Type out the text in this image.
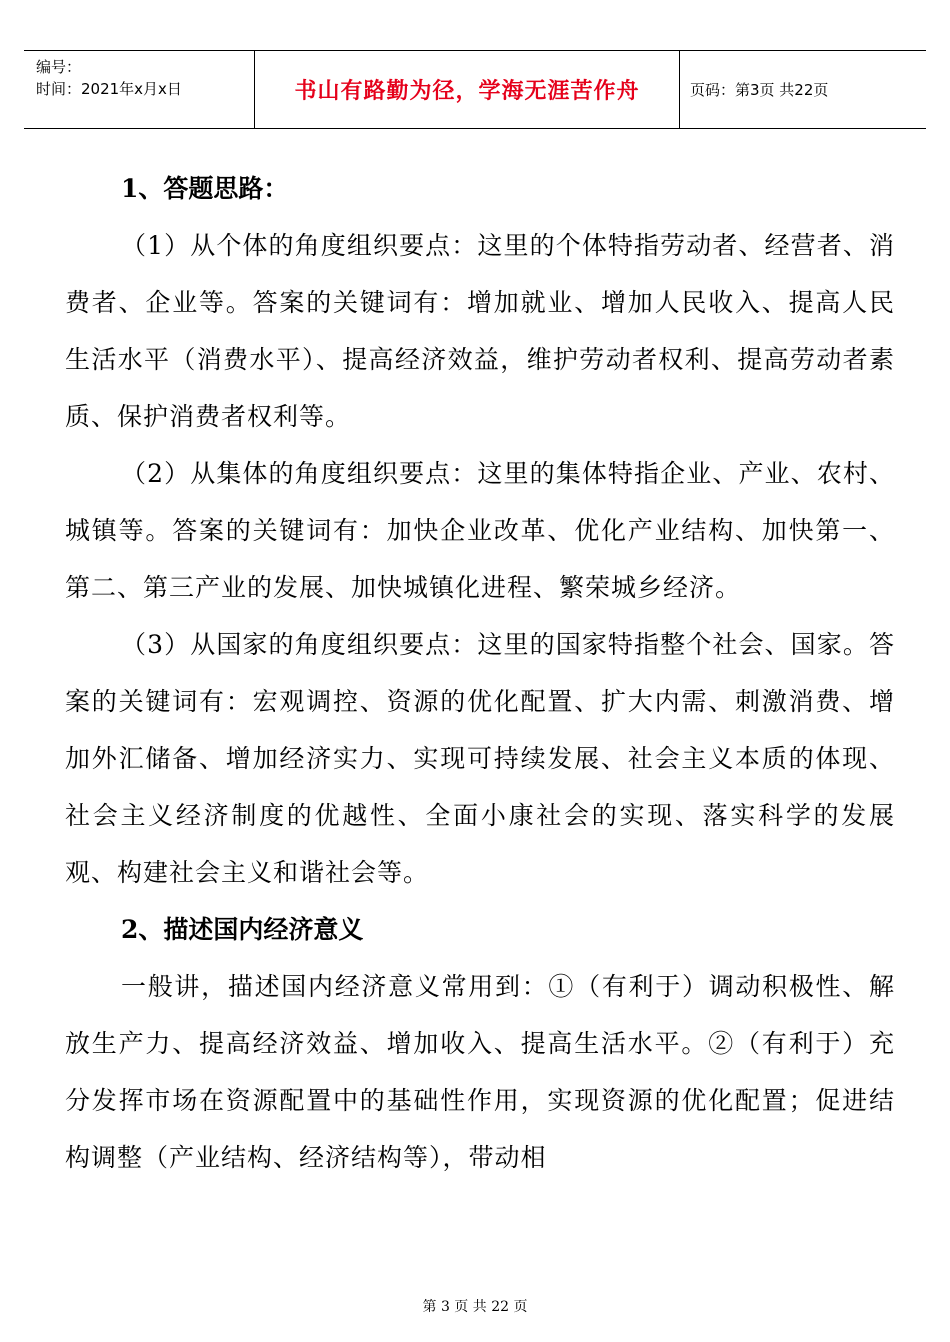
编号：
时间：2021年x月x日	书山有路勤为径，学海无涯苦作舟	页码：第3页 共22页

1、答题思路：

（1）从个体的角度组织要点：这里的个体特指劳动者、经营者、消费者、企业等。答案的关键词有：增加就业、增加人民收入、提高人民生活水平（消费水平）、提高经济效益，维护劳动者权利、提高劳动者素质、保护消费者权利等。

（2）从集体的角度组织要点：这里的集体特指企业、产业、农村、城镇等。答案的关键词有：加快企业改革、优化产业结构、加快第一、第二、第三产业的发展、加快城镇化进程、繁荣城乡经济。

（3）从国家的角度组织要点：这里的国家特指整个社会、国家。答案的关键词有：宏观调控、资源的优化配置、扩大内需、刺激消费、增加外汇储备、增加经济实力、实现可持续发展、社会主义本质的体现、社会主义经济制度的优越性、全面小康社会的实现、落实科学的发展观、构建社会主义和谐社会等。

2、描述国内经济意义

一般讲，描述国内经济意义常用到：①（有利于）调动积极性、解放生产力、提高经济效益、增加收入、提高生活水平。②（有利于）充分发挥市场在资源配置中的基础性作用，实现资源的优化配置；促进结构调整（产业结构、经济结构等），带动相

第 3 页 共 22 页
